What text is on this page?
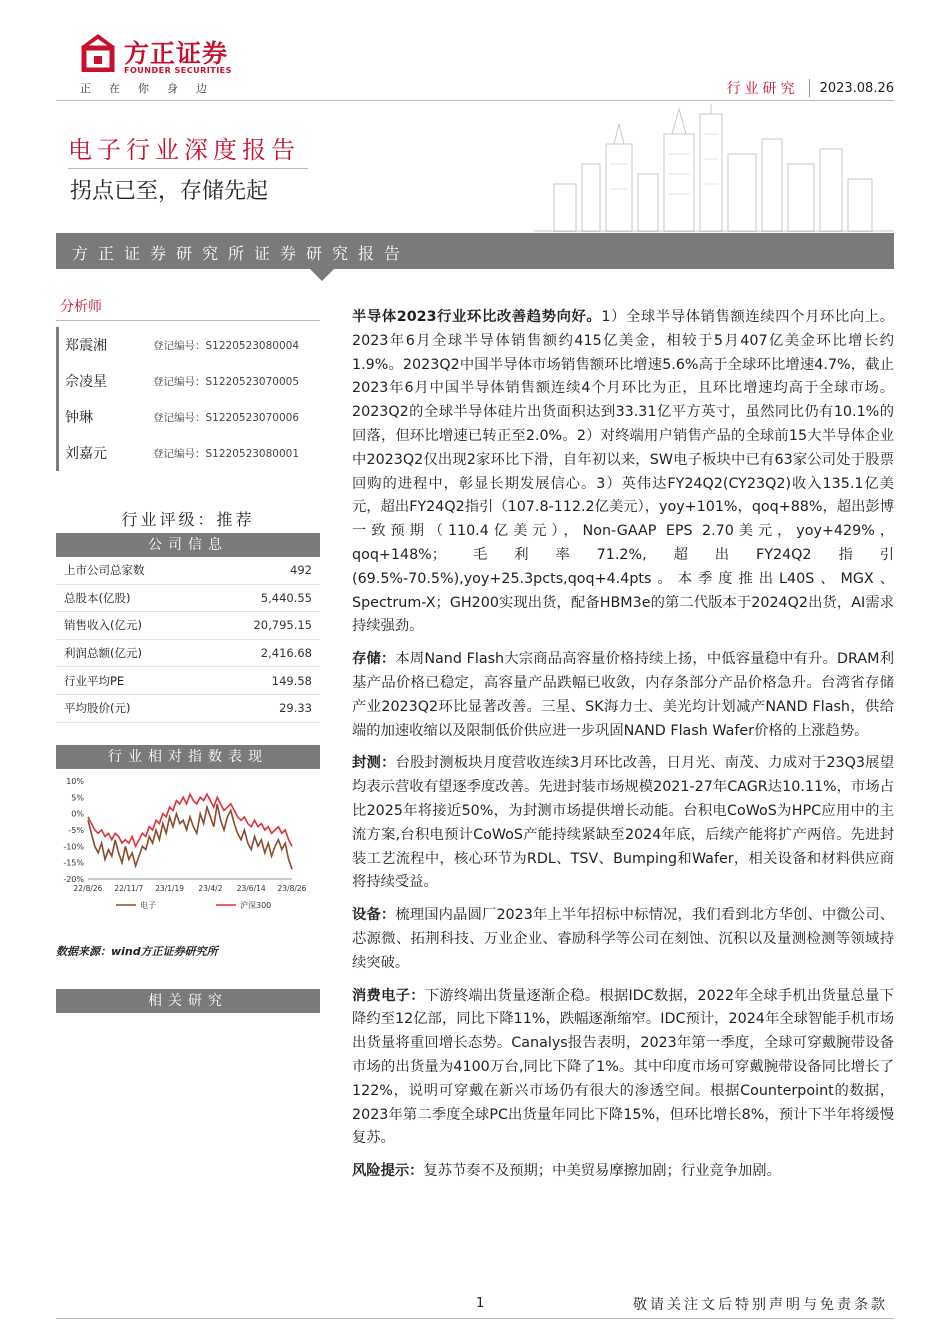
方正证券
FOUNDER SECURITIES
正在你身边	行业研究	2023.08.26
电子行业深度报告
拐点已至，存储先起
方正证券研究所证券研究报告
分析师
郑震湘	登记编号：S1220523080004
佘凌星	登记编号：S1220523070005
钟琳	登记编号：S1220523070006
刘嘉元	登记编号：S1220523080001
行业评级：推荐
公司信息
上市公司总家数	492
总股本(亿股)	5,440.55
销售收入(亿元)	20,795.15
利润总额(亿元)	2,416.68
行业平均PE	149.58
平均股价(元)	29.33
行业相对指数表现
10%
5%
0%
-5%
-10%
-15%
-20%
22/8/26 22/11/7 23/1/19 23/4/2 23/6/14 23/8/26
电子	沪深300
数据来源：wind方正证券研究所
相关研究
半导体2023行业环比改善趋势向好。1）全球半导体销售额连续四个月环比向上。 2023年6月全球半导体销售额约415亿美金，相较于5月407亿美金环比增长约1.9%。2023Q2中国半导体市场销售额环比增速5.6%高于全球环比增速4.7%，截止2023年6月中国半导体销售额连续4个月环比为正，且环比增速均高于全球市场。2023Q2的全球半导体硅片出货面积达到33.31亿平方英寸，虽然同比仍有10.1%的回落，但环比增速已转正至2.0%。2）对终端用户销售产品的全球前15大半导体企业中2023Q2仅出现2家环比下滑，自年初以来，SW电子板块中已有63家公司处于股票回购的进程中，彰显长期发展信心。3）英伟达FY24Q2(CY23Q2)收入135.1亿美元，超出FY24Q2指引（107.8-112.2亿美元），yoy+101%，qoq+88%，超出彭博一致预期（110.4亿美元），Non-GAAP EPS 2.70美元，yoy+429%，qoq+148%；毛利率71.2%,超出FY24Q2指引(69.5%-70.5%),yoy+25.3pcts,qoq+4.4pts。本季度推出L40S、MGX、Spectrum-X；GH200实现出货，配备HBM3e的第二代版本于2024Q2出货，AI需求持续强劲。
存储：本周Nand Flash大宗商品高容量价格持续上扬，中低容量稳中有升。DRAM利基产品价格已稳定，高容量产品跌幅已收敛，内存条部分产品价格急升。台湾省存储产业2023Q2环比显著改善。三星、SK海力士、美光均计划减产NAND Flash，供给端的加速收缩以及限制低价供应进一步巩固NAND Flash Wafer价格的上涨趋势。
封测：台股封测板块月度营收连续3月环比改善，日月光、南茂、力成对于23Q3展望均表示营收有望逐季度改善。先进封装市场规模2021-27年CAGR达10.11%，市场占比2025年将接近50%，为封测市场提供增长动能。台积电CoWoS为HPC应用中的主流方案,台积电预计CoWoS产能持续紧缺至2024年底，后续产能将扩产两倍。先进封装工艺流程中，核心环节为RDL、TSV、Bumping和Wafer，相关设备和材料供应商将持续受益。
设备：梳理国内晶圆厂2023年上半年招标中标情况，我们看到北方华创、中微公司、芯源微、拓荆科技、万业企业、睿励科学等公司在刻蚀、沉积以及量测检测等领域持续突破。
消费电子：下游终端出货量逐渐企稳。根据IDC数据，2022年全球手机出货量总量下降约至12亿部，同比下降11%，跌幅逐渐缩窄。IDC预计，2024年全球智能手机市场出货量将重回增长态势。Canalys报告表明，2023年第一季度，全球可穿戴腕带设备市场的出货量为4100万台,同比下降了1%。其中印度市场可穿戴腕带设备同比增长了122%，说明可穿戴在新兴市场仍有很大的渗透空间。根据Counterpoint的数据，2023年第二季度全球PC出货量年同比下降15%，但环比增长8%，预计下半年将缓慢复苏。
风险提示：复苏节奏不及预期；中美贸易摩擦加剧；行业竞争加剧。
1	敬请关注文后特别声明与免责条款
